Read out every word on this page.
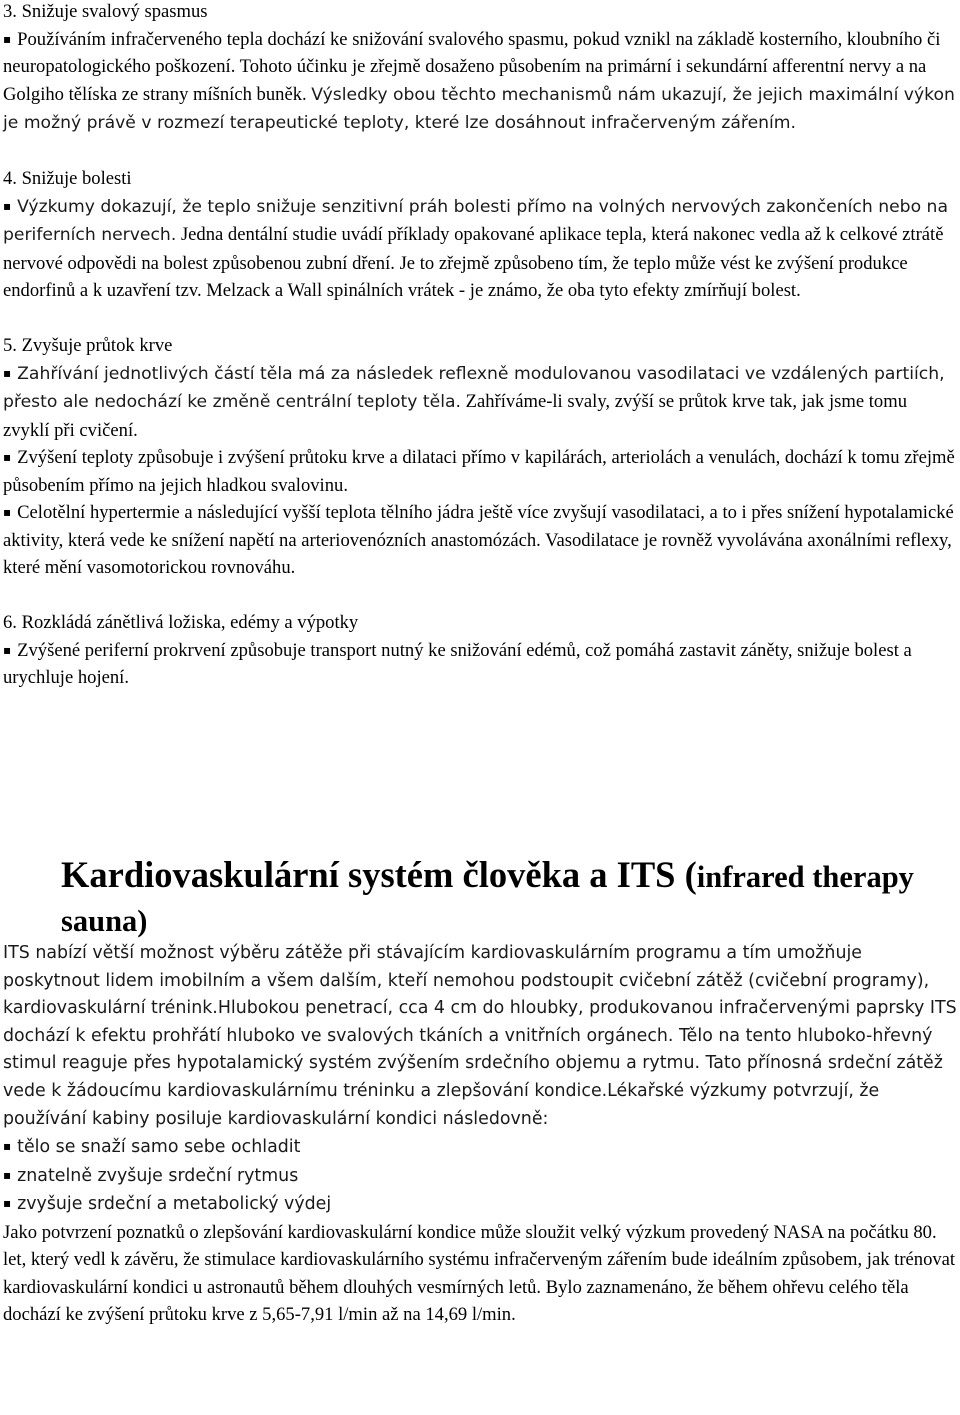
3. Snižuje svalový spasmus

▪ Používáním infračerveného tepla dochází ke snižování svalového spasmu, pokud vznikl na základě kosterního, kloubního či neuropatologického poškození. Tohoto účinku je zřejmě dosaženo působením na primární i sekundární afferentní nervy a na Golgiho tělíska ze strany míšních buněk. Výsledky obou těchto mechanismů nám ukazují, že jejich maximální výkon je možný právě v rozmezí terapeutické teploty, které lze dosáhnout infračerveným zářením.

4. Snižuje bolesti

▪ Výzkumy dokazují, že teplo snižuje senzitivní práh bolesti přímo na volných nervových zakončeních nebo na periferních nervech. Jedna dentální studie uvádí příklady opakované aplikace tepla, která nakonec vedla až k celkové ztrátě nervové odpovědi na bolest způsobenou zubní dření. Je to zřejmě způsobeno tím, že teplo může vést ke zvýšení produkce endorfinů a k uzavření tzv. Melzack a Wall spinálních vrátek - je známo, že oba tyto efekty zmírňují bolest.

5. Zvyšuje průtok krve

▪ Zahřívání jednotlivých částí těla má za následek reflexně modulovanou vasodilataci ve vzdálených partiích, přesto ale nedochází ke změně centrální teploty těla. Zahříváme-li svaly, zvýší se průtok krve tak, jak jsme tomu zvyklí při cvičení.

▪ Zvýšení teploty způsobuje i zvýšení průtoku krve a dilataci přímo v kapilárách, arteriolách a venulách, dochází k tomu zřejmě působením přímo na jejich hladkou svalovinu.

▪ Celotělní hypertermie a následující vyšší teplota tělního jádra ještě více zvyšují vasodilataci, a to i přes snížení hypotalamické aktivity, která vede ke snížení napětí na arteriovenózních anastomózách. Vasodilatace je rovněž vyvolávána axonálními reflexy, které mění vasomotorickou rovnováhu.

6. Rozkládá zánětlivá ložiska, edémy a výpotky

▪ Zvýšené periferní prokrvení způsobuje transport nutný ke snižování edémů, což pomáhá zastavit záněty, snižuje bolest a urychluje hojení.

Kardiovaskulární systém člověka a ITS (infrared therapy sauna)

ITS nabízí větší možnost výběru zátěže při stávajícím kardiovaskulárním programu a tím umožňuje poskytnout lidem imobilním a všem dalším, kteří nemohou podstoupit cvičební zátěž (cvičební programy), kardiovaskulární trénink.Hlubokou penetrací, cca 4 cm do hloubky, produkovanou infračervenými paprsky ITS dochází k efektu prohřátí hluboko ve svalových tkáních a vnitřních orgánech. Tělo na tento hluboko-hřevný stimul reaguje přes hypotalamický systém zvýšením srdečního objemu a rytmu. Tato přínosná srdeční zátěž vede k žádoucímu kardiovaskulárnímu tréninku a zlepšování kondice.Lékařské výzkumy potvrzují, že používání kabiny posiluje kardiovaskulární kondici následovně:

▪ tělo se snaží samo sebe ochladit

▪ znatelně zvyšuje srdeční rytmus

▪ zvyšuje srdeční a metabolický výdej

Jako potvrzení poznatků o zlepšování kardiovaskulární kondice může sloužit velký výzkum provedený NASA na počátku 80. let, který vedl k závěru, že stimulace kardiovaskulárního systému infračerveným zářením bude ideálním způsobem, jak trénovat kardiovaskulární kondici u astronautů během dlouhých vesmírných letů. Bylo zaznamenáno, že během ohřevu celého těla dochází ke zvýšení průtoku krve z 5,65-7,91 l/min až na 14,69 l/min.
